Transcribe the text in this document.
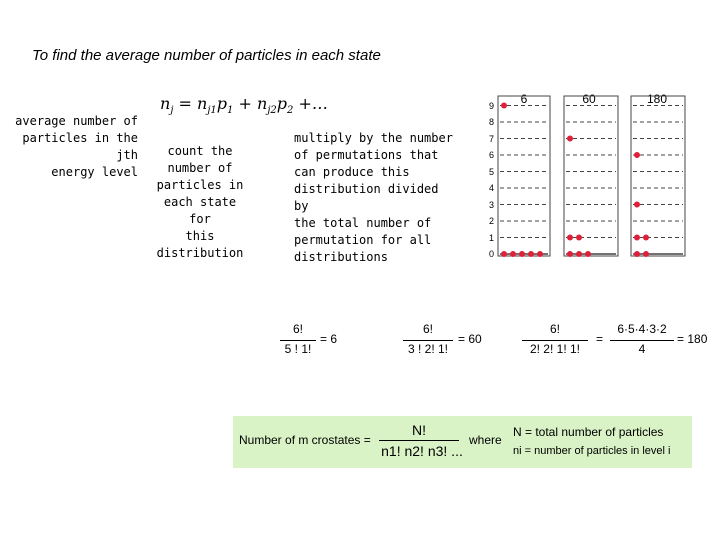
To find the average number of particles in each state
$n_j = n_{j1}p_1 + n_{j2}p_2$ +…
average number of
particles in the jth
energy level
count the
number of
particles in
each state for
this
distribution
multiply by the number
of permutations that
can produce this
distribution divided by
the total number of
permutation for all
distributions
9
8
7
6
5
4
3
2
1
0
6	60	180
6!
5 ! 1!
= 6
6!
3 ! 2! 1!
= 60
6!
2! 2! 1! 1!
=
6·5·4·3·2
4
= 180
Number of m crostates =
N!
n1! n2! n3! ...
where
N = total number of particles
ni = number of particles in level i
